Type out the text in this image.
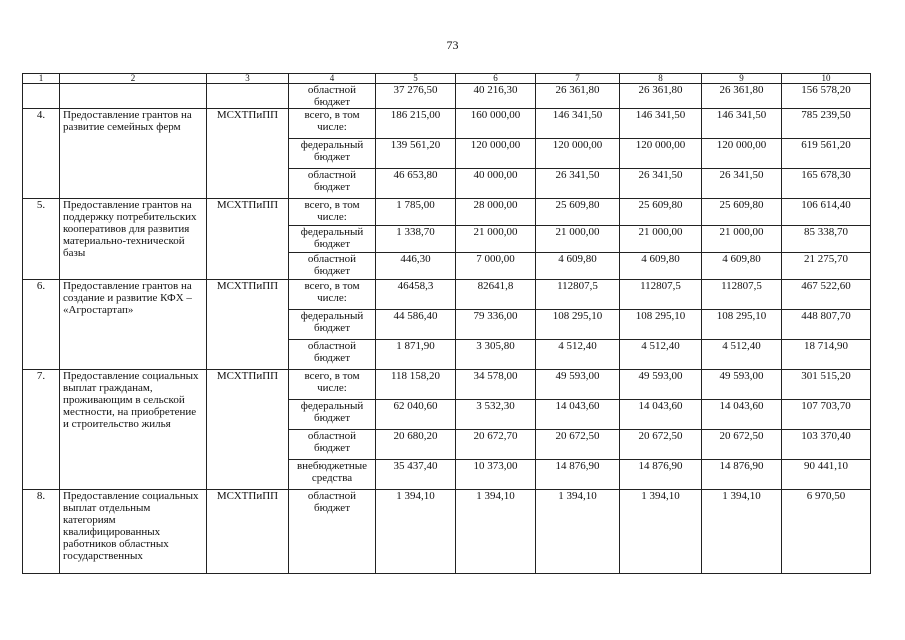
73
1	2	3	4	5	6	7	8	9	10
			областной бюджет	37 276,50	40 216,30	26 361,80	26 361,80	26 361,80	156 578,20
4.	Предоставление грантов на развитие семейных ферм	МСХТПиПП	всего, в том числе:	186 215,00	160 000,00	146 341,50	146 341,50	146 341,50	785 239,50
			федеральный бюджет	139 561,20	120 000,00	120 000,00	120 000,00	120 000,00	619 561,20
			областной бюджет	46 653,80	40 000,00	26 341,50	26 341,50	26 341,50	165 678,30
5.	Предоставление грантов на поддержку потребительских кооперативов для развития материально-технической базы	МСХТПиПП	всего, в том числе:	1 785,00	28 000,00	25 609,80	25 609,80	25 609,80	106 614,40
			федеральный бюджет	1 338,70	21 000,00	21 000,00	21 000,00	21 000,00	85 338,70
			областной бюджет	446,30	7 000,00	4 609,80	4 609,80	4 609,80	21 275,70
6.	Предоставление грантов на создание и развитие КФХ – «Агростартап»	МСХТПиПП	всего, в том числе:	46458,3	82641,8	112807,5	112807,5	112807,5	467 522,60
			федеральный бюджет	44 586,40	79 336,00	108 295,10	108 295,10	108 295,10	448 807,70
			областной бюджет	1 871,90	3 305,80	4 512,40	4 512,40	4 512,40	18 714,90
7.	Предоставление социальных выплат гражданам, проживающим в сельской местности, на приобретение и строительство жилья	МСХТПиПП	всего, в том числе:	118 158,20	34 578,00	49 593,00	49 593,00	49 593,00	301 515,20
			федеральный бюджет	62 040,60	3 532,30	14 043,60	14 043,60	14 043,60	107 703,70
			областной бюджет	20 680,20	20 672,70	20 672,50	20 672,50	20 672,50	103 370,40
			внебюджетные средства	35 437,40	10 373,00	14 876,90	14 876,90	14 876,90	90 441,10
8.	Предоставление социальных выплат отдельным категориям квалифицированных работников областных государственных	МСХТПиПП	областной бюджет	1 394,10	1 394,10	1 394,10	1 394,10	1 394,10	6 970,50
